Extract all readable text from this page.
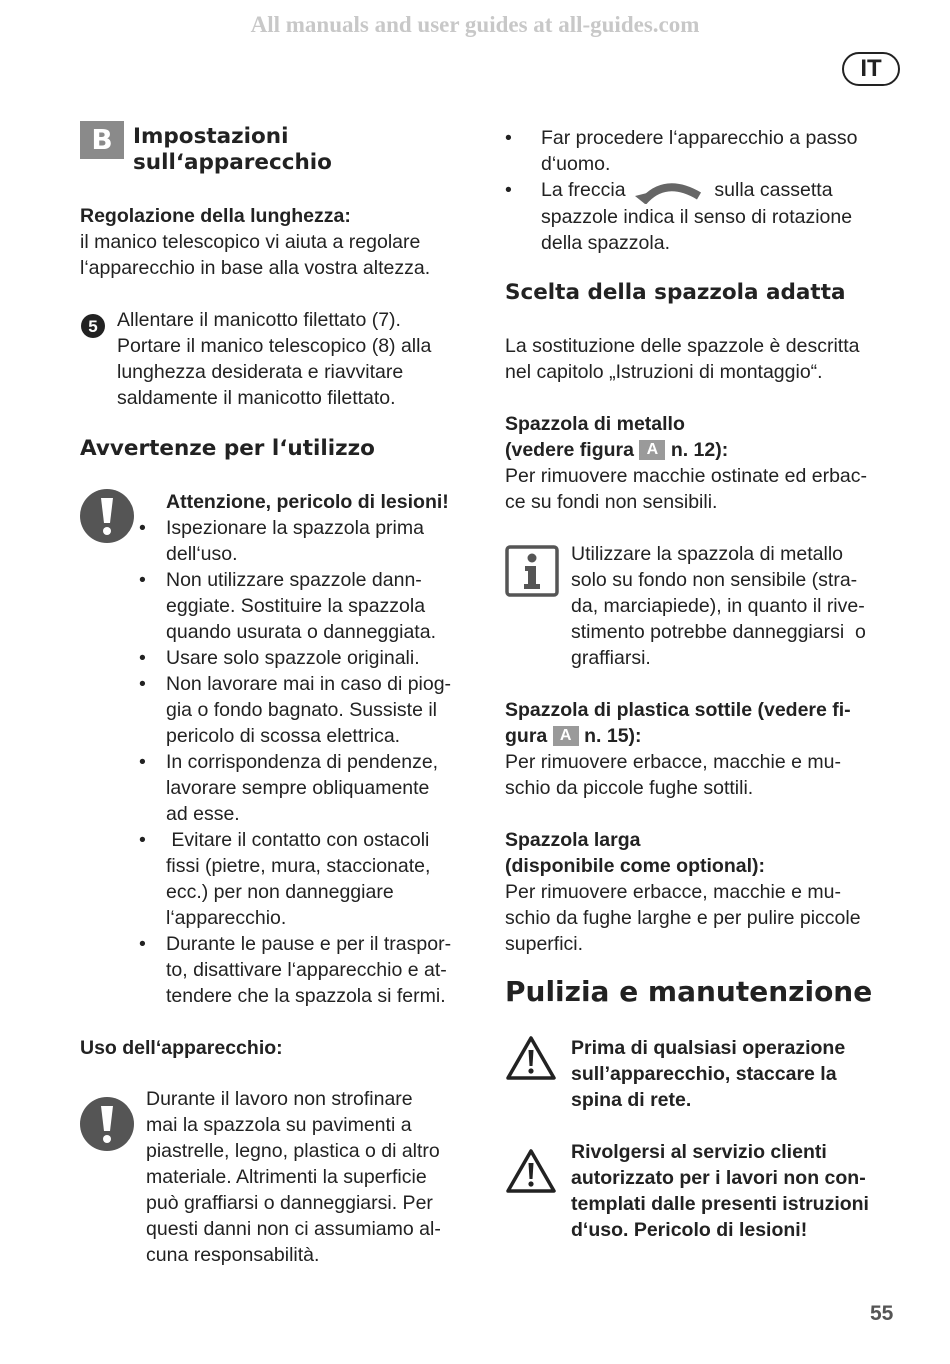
All manuals and user guides at all-guides.com
IT
B Impostazioni
sull‘apparecchio
Regolazione della lunghezza:
il manico telescopico vi aiuta a regolare
l‘apparecchio in base alla vostra altezza.
5 Allentare il manicotto filettato (7).
Portare il manico telescopico (8) alla
lunghezza desiderata e riavvitare
saldamente il manicotto filettato.
Avvertenze per l‘utilizzo
Attenzione, pericolo di lesioni!
• Ispezionare la spazzola prima
dell‘uso.
• Non utilizzare spazzole dann-
eggiate. Sostituire la spazzola
quando usurata o danneggiata.
• Usare solo spazzole originali.
• Non lavorare mai in caso di piog-
gia o fondo bagnato. Sussiste il
pericolo di scossa elettrica.
• In corrispondenza di pendenze,
lavorare sempre obliquamente
ad esse.
• Evitare il contatto con ostacoli
fissi (pietre, mura, staccionate,
ecc.) per non danneggiare
l‘apparecchio.
• Durante le pause e per il traspor-
to, disattivare l‘apparecchio e at-
tendere che la spazzola si fermi.
Uso dell‘apparecchio:
Durante il lavoro non strofinare
mai la spazzola su pavimenti a
piastrelle, legno, plastica o di altro
materiale. Altrimenti la superficie
può graffiarsi o danneggiarsi. Per
questi danni non ci assumiamo al-
cuna responsabilità.
• Far procedere l‘apparecchio a passo
d‘uomo.
• La freccia	sulla cassetta
spazzole indica il senso di rotazione
della spazzola.
Scelta della spazzola adatta
La sostituzione delle spazzole è descritta
nel capitolo „Istruzioni di montaggio“.
Spazzola di metallo
(vedere figura A n. 12):
Per rimuovere macchie ostinate ed erbac-
ce su fondi non sensibili.
Utilizzare la spazzola di metallo
solo su fondo non sensibile (stra-
da, marciapiede), in quanto il rive-
stimento potrebbe danneggiarsi  o
graffiarsi.
Spazzola di plastica sottile (vedere fi-
gura A n. 15):
Per rimuovere erbacce, macchie e mu-
schio da piccole fughe sottili.
Spazzola larga
(disponibile come optional):
Per rimuovere erbacce, macchie e mu-
schio da fughe larghe e per pulire piccole
superfici.
Pulizia e manutenzione
Prima di qualsiasi operazione
sull’apparecchio, staccare la
spina di rete.
Rivolgersi al servizio clienti
autorizzato per i lavori non con-
templati dalle presenti istruzioni
d‘uso. Pericolo di lesioni!
55
